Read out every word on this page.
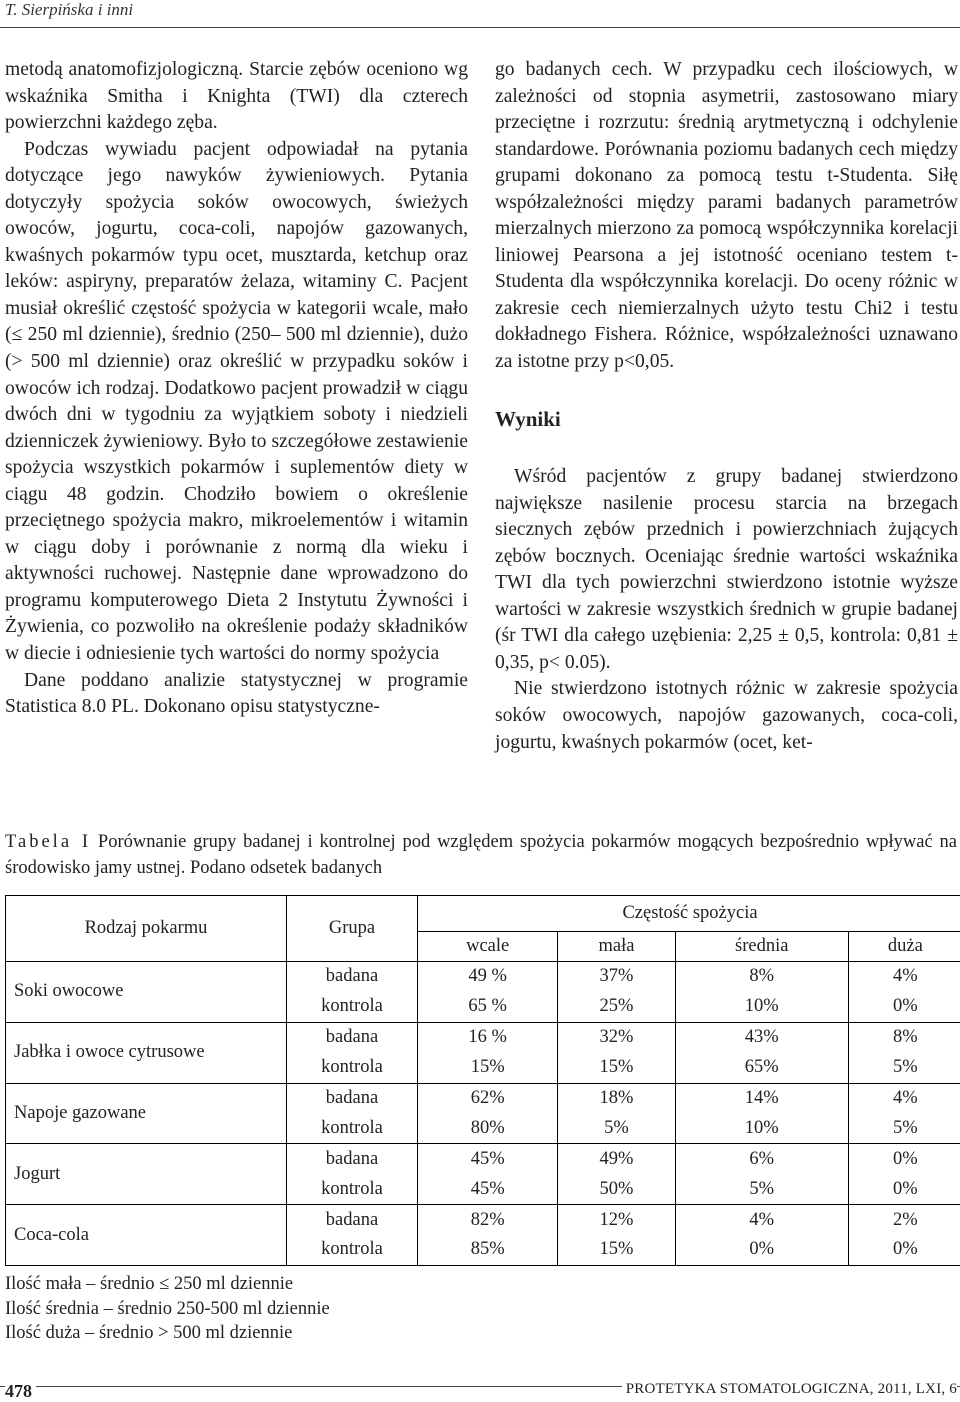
T. Sierpińska i inni

metodą anatomofizjologiczną. Starcie zębów oceniono wg wskaźnika Smitha i Knighta (TWI) dla czterech powierzchni każdego zęba.

Podczas wywiadu pacjent odpowiadał na pytania dotyczące jego nawyków żywieniowych. Pytania dotyczyły spożycia soków owocowych, świeżych owoców, jogurtu, coca-coli, napojów gazowanych, kwaśnych pokarmów typu ocet, musztarda, ketchup oraz leków: aspiryny, preparatów żelaza, witaminy C. Pacjent musiał określić częstość spożycia w kategorii wcale, mało (≤ 250 ml dziennie), średnio (250– 500 ml dziennie), dużo (> 500 ml dziennie) oraz określić w przypadku soków i owoców ich rodzaj. Dodatkowo pacjent prowadził w ciągu dwóch dni w tygodniu za wyjątkiem soboty i niedzieli dzienniczek żywieniowy. Było to szczegółowe zestawienie spożycia wszystkich pokarmów i suplementów diety w ciągu 48 godzin. Chodziło bowiem o określenie przeciętnego spożycia makro, mikroelementów i witamin w ciągu doby i porównanie z normą dla wieku i aktywności ruchowej. Następnie dane wprowadzono do programu komputerowego Dieta 2 Instytutu Żywności i Żywienia, co pozwoliło na określenie podaży składników w diecie i odniesienie tych wartości do normy spożycia

Dane poddano analizie statystycznej w programie Statistica 8.0 PL. Dokonano opisu statystyczne-

go badanych cech. W przypadku cech ilościowych, w zależności od stopnia asymetrii, zastosowano miary przeciętne i rozrzutu: średnią arytmetyczną i odchylenie standardowe. Porównania poziomu badanych cech między grupami dokonano za pomocą testu t-Studenta. Siłę współzależności między parami badanych parametrów mierzalnych mierzono za pomocą współczynnika korelacji liniowej Pearsona a jej istotność oceniano testem t-Studenta dla współczynnika korelacji. Do oceny różnic w zakresie cech niemierzalnych użyto testu Chi2 i testu dokładnego Fishera. Różnice, współzależności uznawano za istotne przy p<0,05.

Wyniki

Wśród pacjentów z grupy badanej stwierdzono największe nasilenie procesu starcia na brzegach siecznych zębów przednich i powierzchniach żujących zębów bocznych. Oceniając średnie wartości wskaźnika TWI dla tych powierzchni stwierdzono istotnie wyższe wartości w zakresie wszystkich średnich w grupie badanej (śr TWI dla całego uzębienia: 2,25 ± 0,5, kontrola: 0,81 ± 0,35, p< 0.05).

Nie stwierdzono istotnych różnic w zakresie spożycia soków owocowych, napojów gazowanych, coca-coli, jogurtu, kwaśnych pokarmów (ocet, ket-

Tabela I Porównanie grupy badanej i kontrolnej pod względem spożycia pokarmów mogących bezpośrednio wpływać na środowisko jamy ustnej. Podano odsetek badanych
Rodzaj pokarmu	Grupa	Częstość spożycia			
		wcale	mała	średnia	duża
Soki owocowe	badana	49 %	37%	8%	4%
	kontrola	65 %	25%	10%	0%
Jabłka i owoce cytrusowe	badana	16 %	32%	43%	8%
	kontrola	15%	15%	65%	5%
Napoje gazowane	badana	62%	18%	14%	4%
	kontrola	80%	5%	10%	5%
Jogurt	badana	45%	49%	6%	0%
	kontrola	45%	50%	5%	0%
Coca-cola	badana	82%	12%	4%	2%
	kontrola	85%	15%	0%	0%
Ilość mała – średnio ≤ 250 ml dziennie
Ilość średnia – średnio 250-500 ml dziennie
Ilość duża – średnio > 500 ml dziennie
478	PROTETYKA STOMATOLOGICZNA, 2011, LXI, 6
